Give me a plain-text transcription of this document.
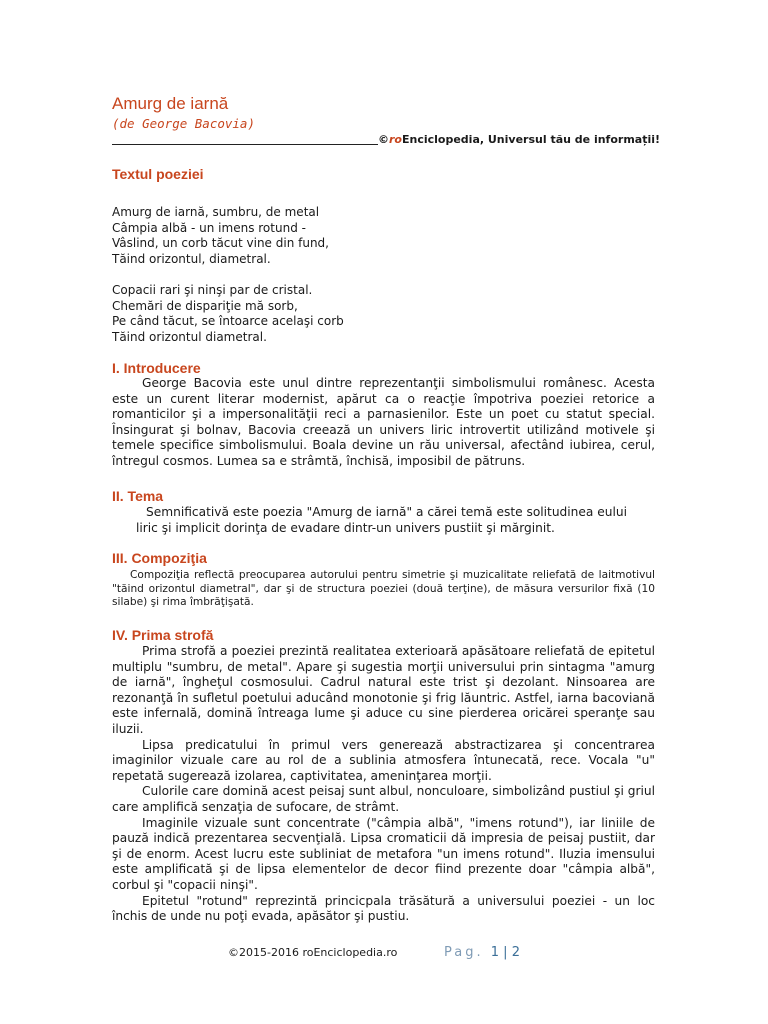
Amurg de iarnă
(de George Bacovia)
©roEnciclopedia, Universul tău de informații!
Textul poeziei
Amurg de iarnă, sumbru, de metal
Câmpia albă - un imens rotund -
Vâslind, un corb tăcut vine din fund,
Tăind orizontul, diametral.
Copacii rari şi ninşi par de cristal.
Chemări de dispariţie mă sorb,
Pe când tăcut, se întoarce acelaşi corb
Tăind orizontul diametral.
I. Introducere

George Bacovia este unul dintre reprezentanţii simbolismului românesc. Acesta este un curent literar modernist, apărut ca o reacţie împotriva poeziei retorice a romanticilor şi a impersonalităţii reci a parnasienilor. Este un poet cu statut special. Însingurat şi bolnav, Bacovia creează un univers liric introvertit utilizând motivele şi temele specifice simbolismului. Boala devine un rău universal, afectând iubirea, cerul, întregul cosmos. Lumea sa e strâmtă, închisă, imposibil de pătruns.

II. Tema

Semnificativă este poezia "Amurg de iarnă" a cărei temă este solitudinea eului

liric şi implicit dorinţa de evadare dintr-un univers pustiit şi mărginit.

III. Compoziţia

Compoziţia reflectă preocuparea autorului pentru simetrie şi muzicalitate reliefată de laitmotivul "tăind orizontul diametral", dar şi de structura poeziei (două terţine), de măsura versurilor fixă (10 silabe) şi rima îmbrăţişată.

IV. Prima strofă

Prima strofă a poeziei prezintă realitatea exterioară apăsătoare reliefată de epitetul multiplu "sumbru, de metal". Apare şi sugestia morţii universului prin sintagma "amurg de iarnă", îngheţul cosmosului. Cadrul natural este trist şi dezolant. Ninsoarea are rezonanţă în sufletul poetului aducând monotonie şi frig lăuntric. Astfel, iarna bacoviană este infernală, domină întreaga lume şi aduce cu sine pierderea oricărei speranţe sau iluzii.

Lipsa predicatului în primul vers generează abstractizarea şi concentrarea imaginilor vizuale care au rol de a sublinia atmosfera întunecată, rece. Vocala "u" repetată sugerează izolarea, captivitatea, ameninţarea morţii.

Culorile care domină acest peisaj sunt albul, nonculoare, simbolizând pustiul şi griul care amplifică senzaţia de sufocare, de strâmt.

Imaginile vizuale sunt concentrate ("câmpia albă", "imens rotund"), iar liniile de pauză indică prezentarea secvenţială. Lipsa cromaticii dă impresia de peisaj pustiit, dar şi de enorm. Acest lucru este subliniat de metafora "un imens rotund". Iluzia imensului este amplificată şi de lipsa elementelor de decor fiind prezente doar "câmpia albă", corbul şi "copacii ninşi".

Epitetul "rotund" reprezintă princicpala trăsătură a universului poeziei - un loc închis de unde nu poţi evada, apăsător şi pustiu.

©2015-2016 roEnciclopedia.ro	Pag. 1 | 2
